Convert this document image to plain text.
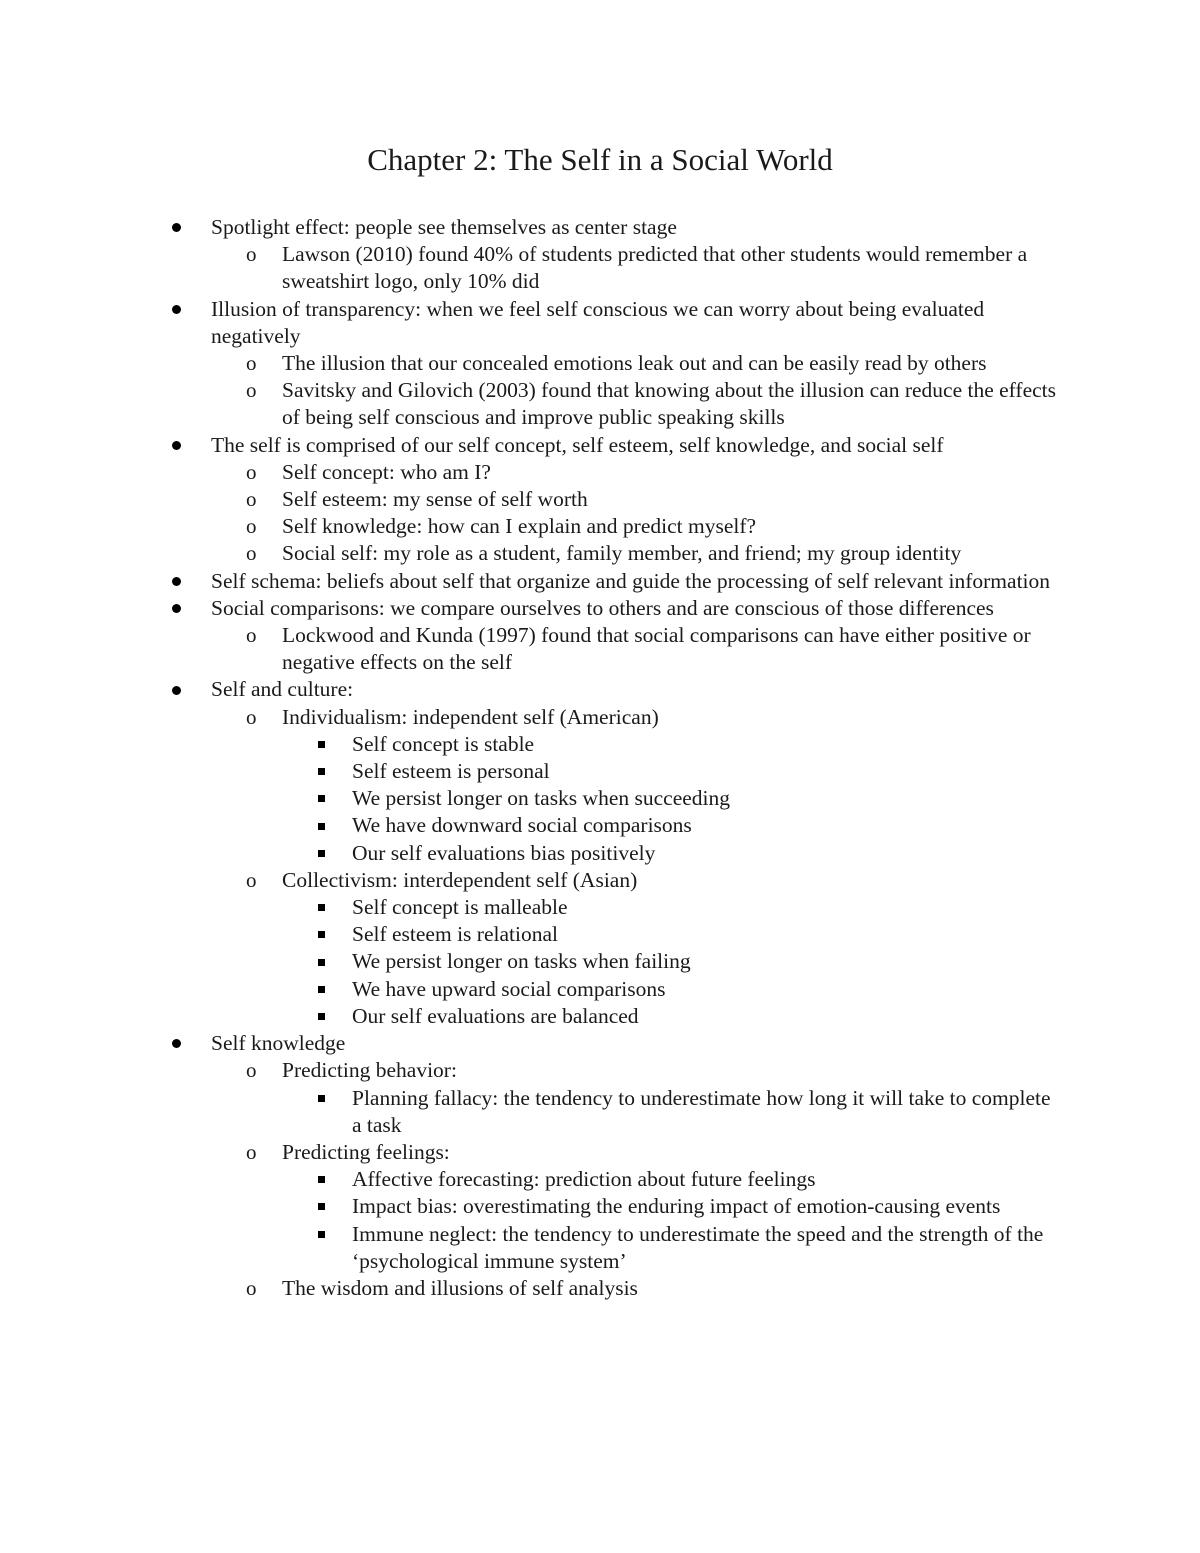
Chapter 2: The Self in a Social World
Spotlight effect: people see themselves as center stage
o Lawson (2010) found 40% of students predicted that other students would remember a sweatshirt logo, only 10% did
Illusion of transparency: when we feel self conscious we can worry about being evaluated negatively
o The illusion that our concealed emotions leak out and can be easily read by others
o Savitsky and Gilovich (2003) found that knowing about the illusion can reduce the effects of being self conscious and improve public speaking skills
The self is comprised of our self concept, self esteem, self knowledge, and social self
o Self concept: who am I?
o Self esteem: my sense of self worth
o Self knowledge: how can I explain and predict myself?
o Social self: my role as a student, family member, and friend; my group identity
Self schema: beliefs about self that organize and guide the processing of self relevant information
Social comparisons: we compare ourselves to others and are conscious of those differences
o Lockwood and Kunda (1997) found that social comparisons can have either positive or negative effects on the self
Self and culture:
o Individualism: independent self (American)
Self concept is stable
Self esteem is personal
We persist longer on tasks when succeeding
We have downward social comparisons
Our self evaluations bias positively
o Collectivism: interdependent self (Asian)
Self concept is malleable
Self esteem is relational
We persist longer on tasks when failing
We have upward social comparisons
Our self evaluations are balanced
Self knowledge
o Predicting behavior:
Planning fallacy: the tendency to underestimate how long it will take to complete a task
o Predicting feelings:
Affective forecasting: prediction about future feelings
Impact bias: overestimating the enduring impact of emotion-causing events
Immune neglect: the tendency to underestimate the speed and the strength of the ‘psychological immune system’
o The wisdom and illusions of self analysis
